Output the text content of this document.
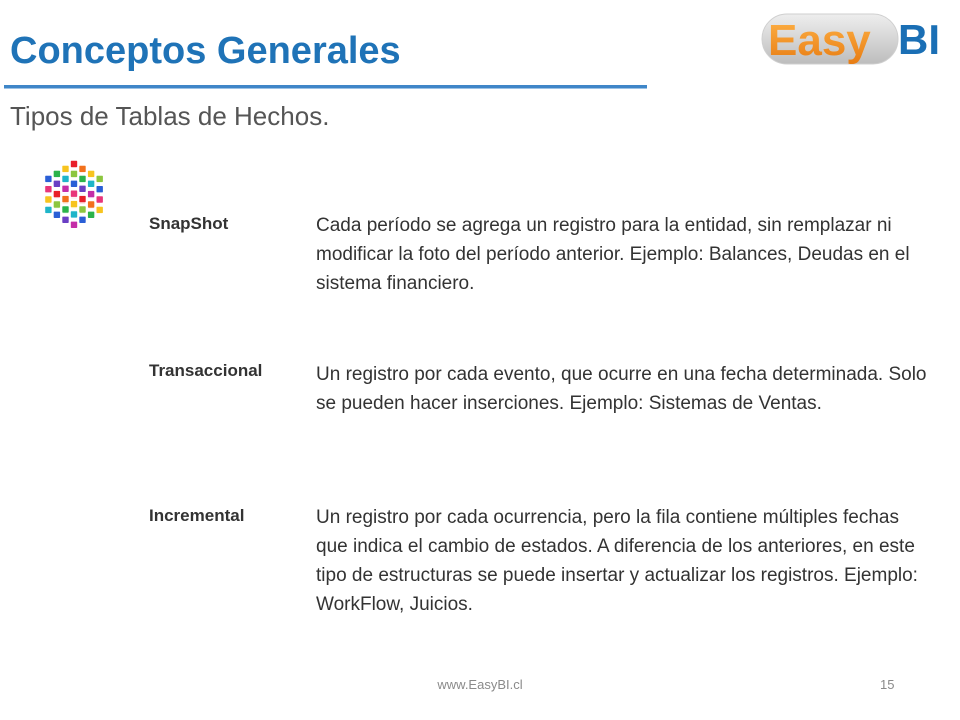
Conceptos Generales
Tipos de Tablas de Hechos.
Easy BI
SnapShot	Cada período se agrega un registro para la entidad, sin remplazar ni modificar la foto del período anterior. Ejemplo: Balances, Deudas en el sistema financiero.
Transaccional	Un registro por cada evento, que ocurre en una fecha determinada. Solo se pueden hacer inserciones. Ejemplo: Sistemas de Ventas.
Incremental	Un registro por cada ocurrencia, pero la fila contiene múltiples fechas que indica el cambio de estados. A diferencia de los anteriores, en este tipo de estructuras se puede insertar y actualizar los registros. Ejemplo: WorkFlow, Juicios.
www.EasyBI.cl	15
